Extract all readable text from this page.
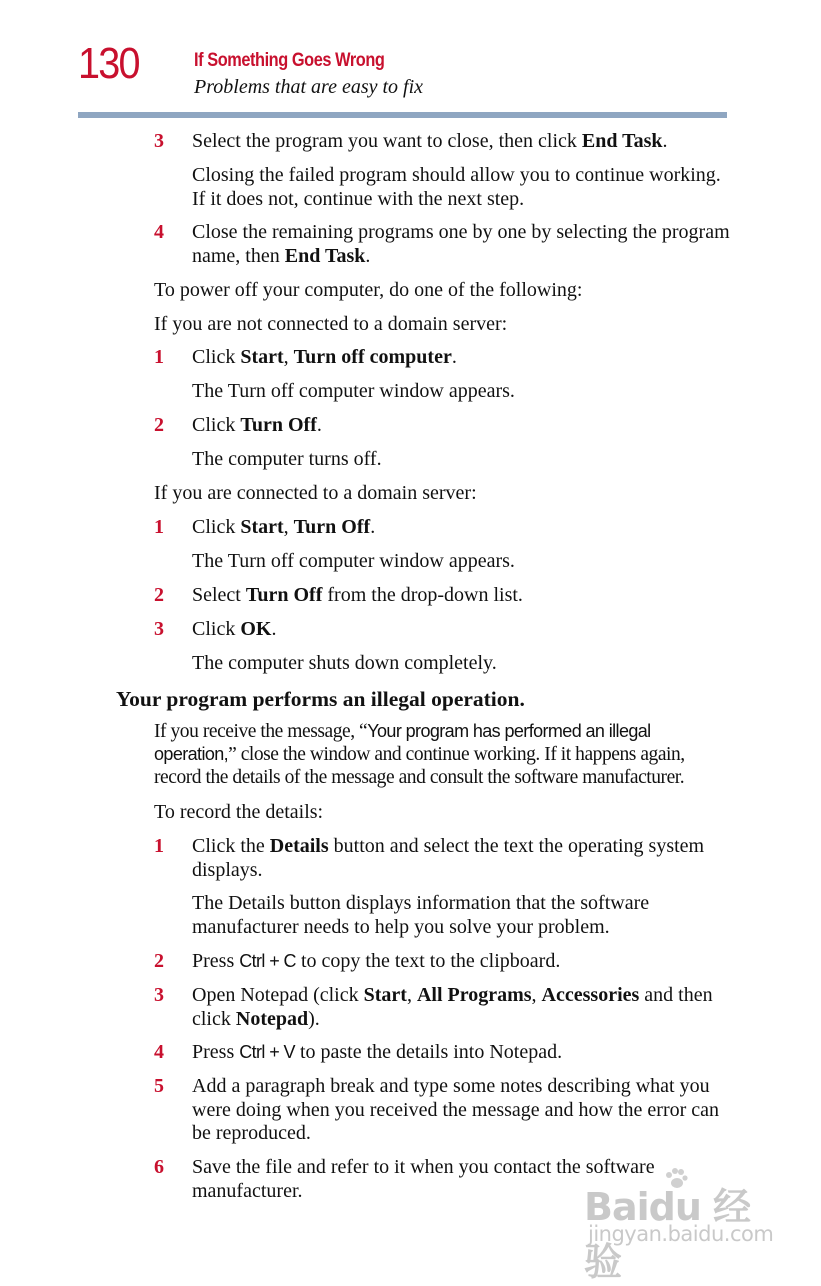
130	If Something Goes Wrong
Problems that are easy to fix
3 Select the program you want to close, then click End Task.

Closing the failed program should allow you to continue working. If it does not, continue with the next step.

4 Close the remaining programs one by one by selecting the program name, then End Task.

To power off your computer, do one of the following:

If you are not connected to a domain server:

1 Click Start, Turn off computer.

The Turn off computer window appears.

2 Click Turn Off.

The computer turns off.

If you are connected to a domain server:

1 Click Start, Turn Off.

The Turn off computer window appears.

2 Select Turn Off from the drop-down list.
3 Click OK.

The computer shuts down completely.

Your program performs an illegal operation.
If you receive the message, “Your program has performed an illegal
operation,” close the window and continue working. If it happens again,
record the details of the message and consult the software manufacturer.

To record the details:

1 Click the Details button and select the text the operating system displays.

The Details button displays information that the software manufacturer needs to help you solve your problem.

2 Press Ctrl + C to copy the text to the clipboard.
3 Open Notepad (click Start, All Programs, Accessories and then click Notepad).
4 Press Ctrl + V to paste the details into Notepad.
5 Add a paragraph break and type some notes describing what you were doing when you received the message and how the error can be reproduced.
6 Save the file and refer to it when you contact the software manufacturer.	Baidu 经验
jingyan.baidu.com
